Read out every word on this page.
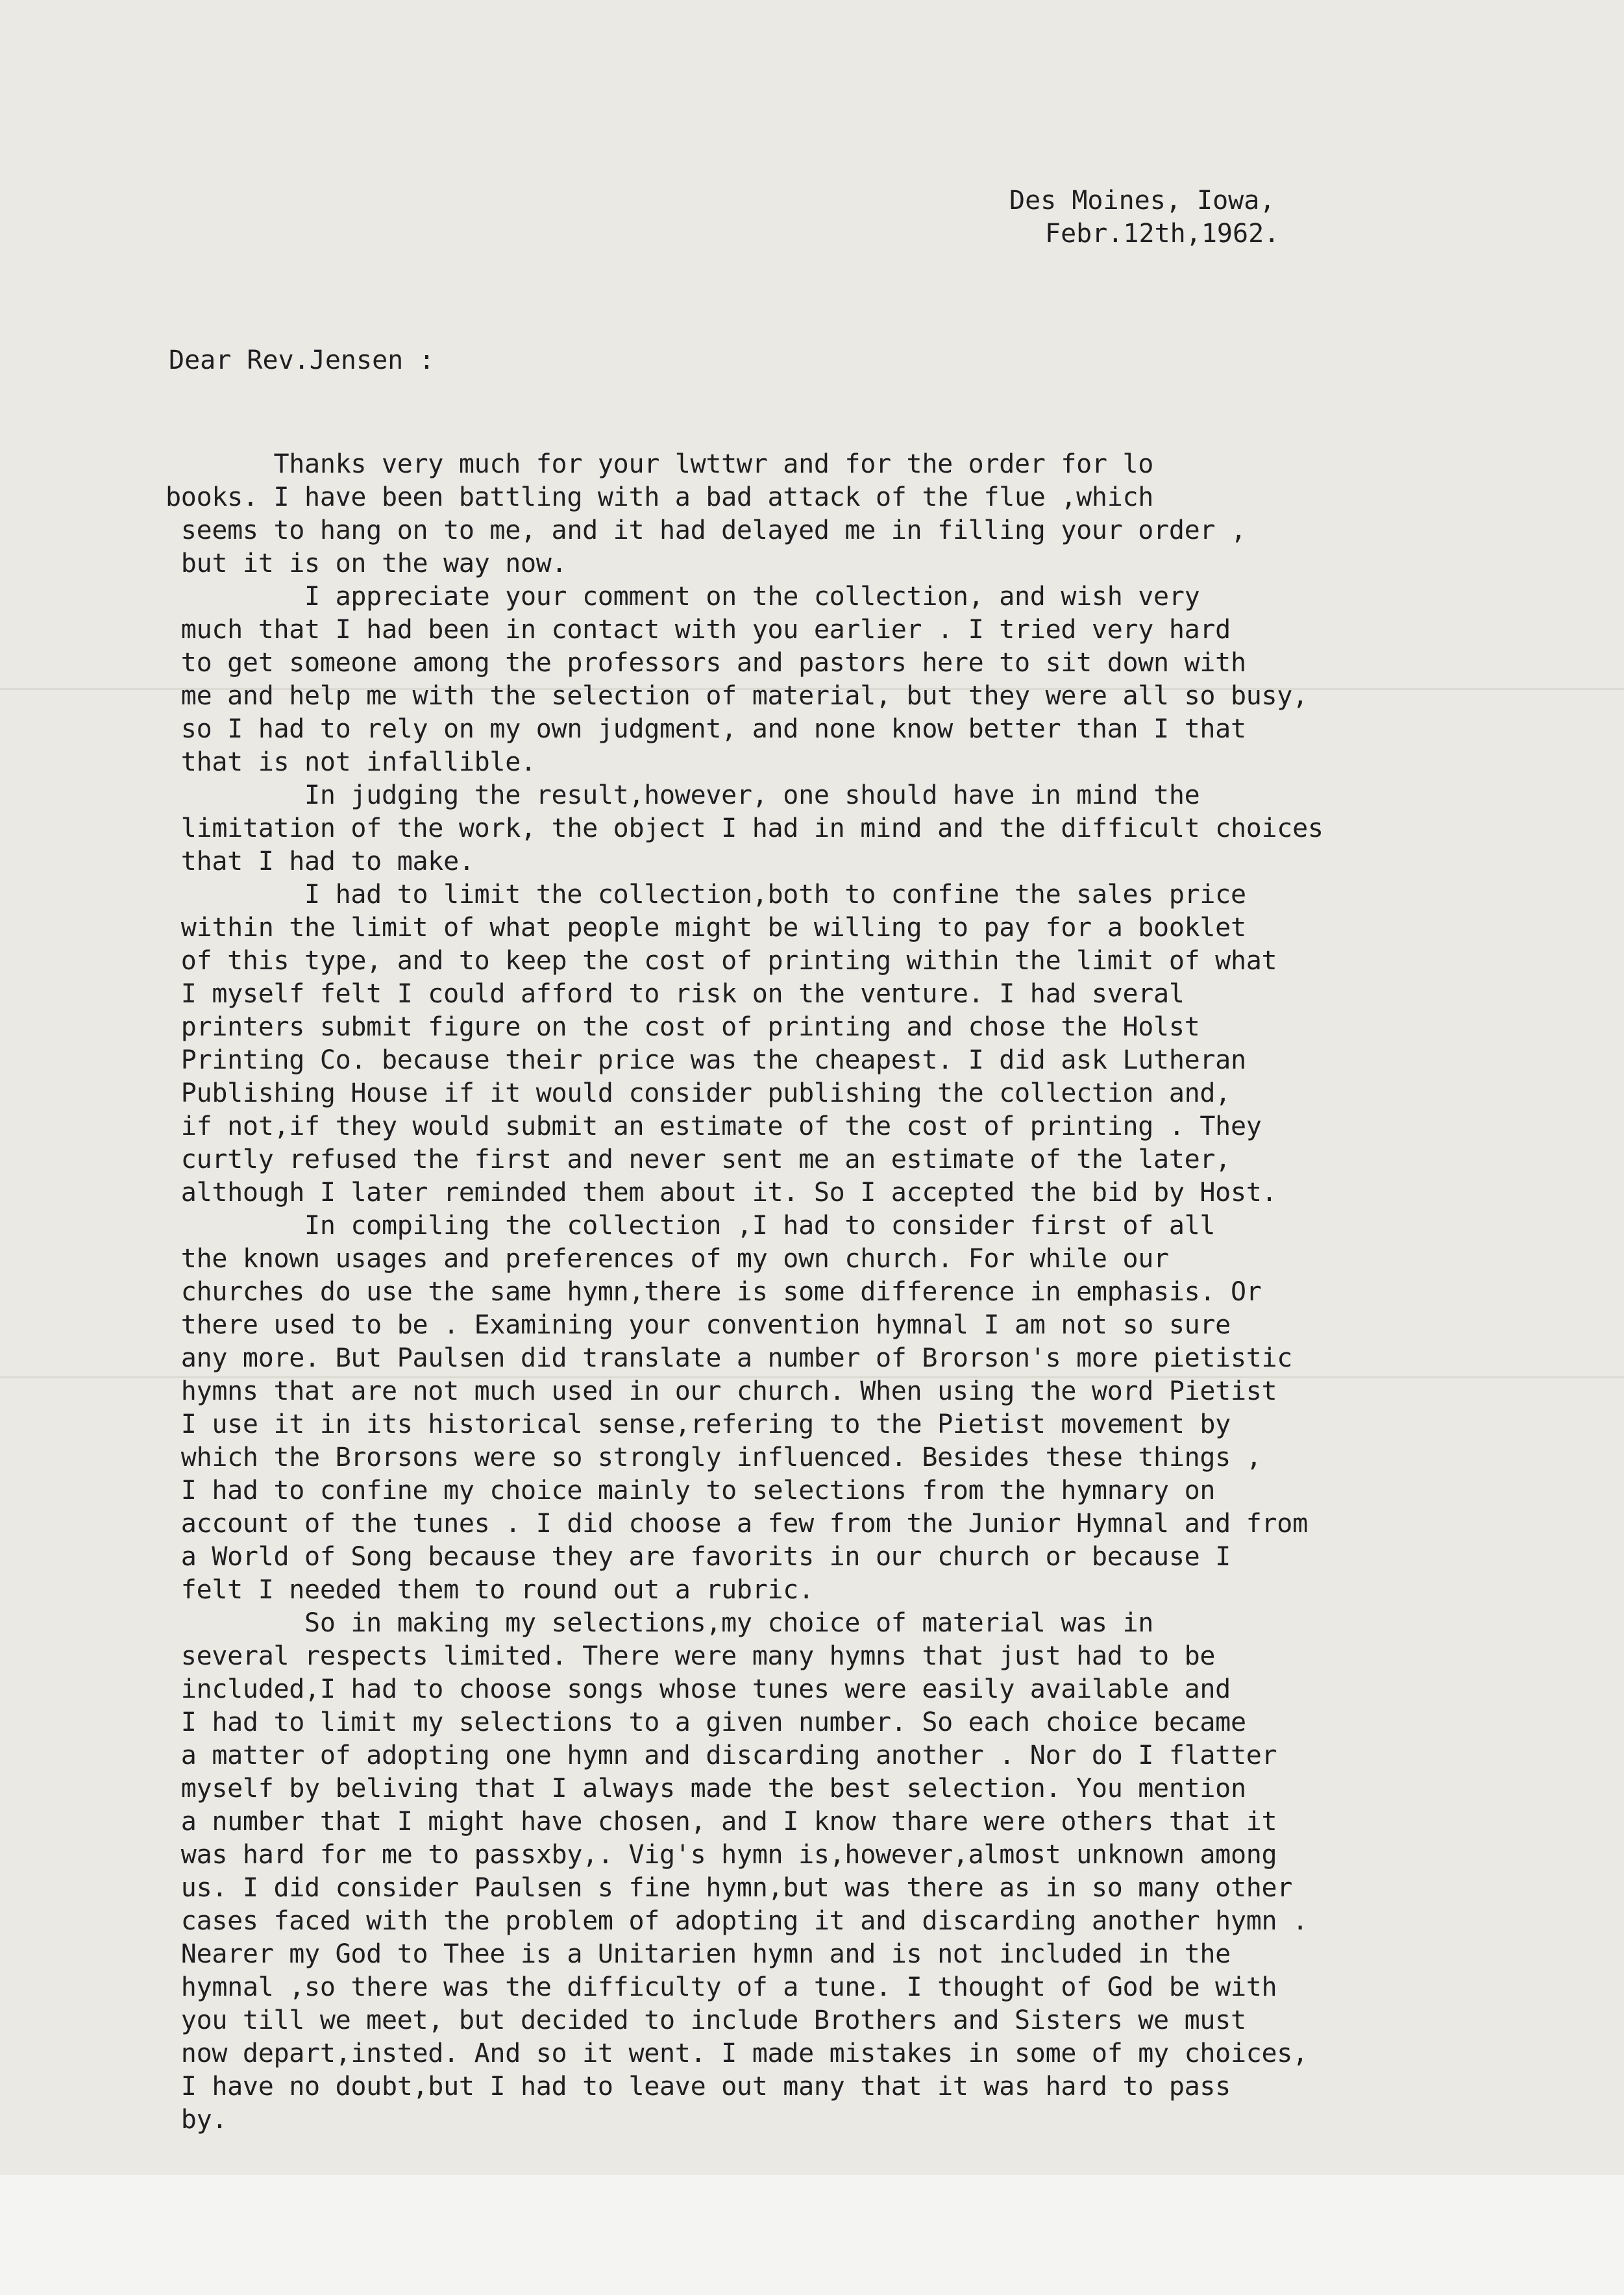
Des Moines, Iowa,
Febr.12th,1962.
Dear Rev.Jensen :
Thanks very much for your lwttwr and for the order for lo
books. I have been battling with a bad attack of the flue ,which
seems to hang on to me, and it had delayed me in filling your order ,
but it is on the way now.
I appreciate your comment on the collection, and wish very
much that I had been in contact with you earlier . I tried very hard
to get someone among the professors and pastors here to sit down with
me and help me with the selection of material, but they were all so busy,
so I had to rely on my own judgment, and none know better than I that
that is not infallible.
In judging the result,however, one should have in mind the
limitation of the work, the object I had in mind and the difficult choices
that I had to make.
I had to limit the collection,both to confine the sales price
within the limit of what people might be willing to pay for a booklet
of this type, and to keep the cost of printing within the limit of what
I myself felt I could afford to risk on the venture. I had sveral
printers submit figure on the cost of printing and chose the Holst
Printing Co. because their price was the cheapest. I did ask Lutheran
Publishing House if it would consider publishing the collection and,
if not,if they would submit an estimate of the cost of printing . They
curtly refused the first and never sent me an estimate of the later,
although I later reminded them about it. So I accepted the bid by Host.
In compiling the collection ,I had to consider first of all
the known usages and preferences of my own church. For while our
churches do use the same hymn,there is some difference in emphasis. Or
there used to be . Examining your convention hymnal I am not so sure
any more. But Paulsen did translate a number of Brorson's more pietistic
hymns that are not much used in our church. When using the word Pietist
I use it in its historical sense,refering to the Pietist movement by
which the Brorsons were so strongly influenced. Besides these things ,
I had to confine my choice mainly to selections from the hymnary on
account of the tunes . I did choose a few from the Junior Hymnal and from
a World of Song because they are favorits in our church or because I
felt I needed them to round out a rubric.
So in making my selections,my choice of material was in
several respects limited. There were many hymns that just had to be
included,I had to choose songs whose tunes were easily available and
I had to limit my selections to a given number. So each choice became
a matter of adopting one hymn and discarding another . Nor do I flatter
myself by beliving that I always made the best selection. You mention
a number that I might have chosen, and I know thare were others that it
was hard for me to passxby,. Vig's hymn is,however,almost unknown among
us. I did consider Paulsen s fine hymn,but was there as in so many other
cases faced with the problem of adopting it and discarding another hymn .
Nearer my God to Thee is a Unitarien hymn and is not included in the
hymnal ,so there was the difficulty of a tune. I thought of God be with
you till we meet, but decided to include Brothers and Sisters we must
now depart,insted. And so it went. I made mistakes in some of my choices,
I have no doubt,but I had to leave out many that it was hard to pass
by.
